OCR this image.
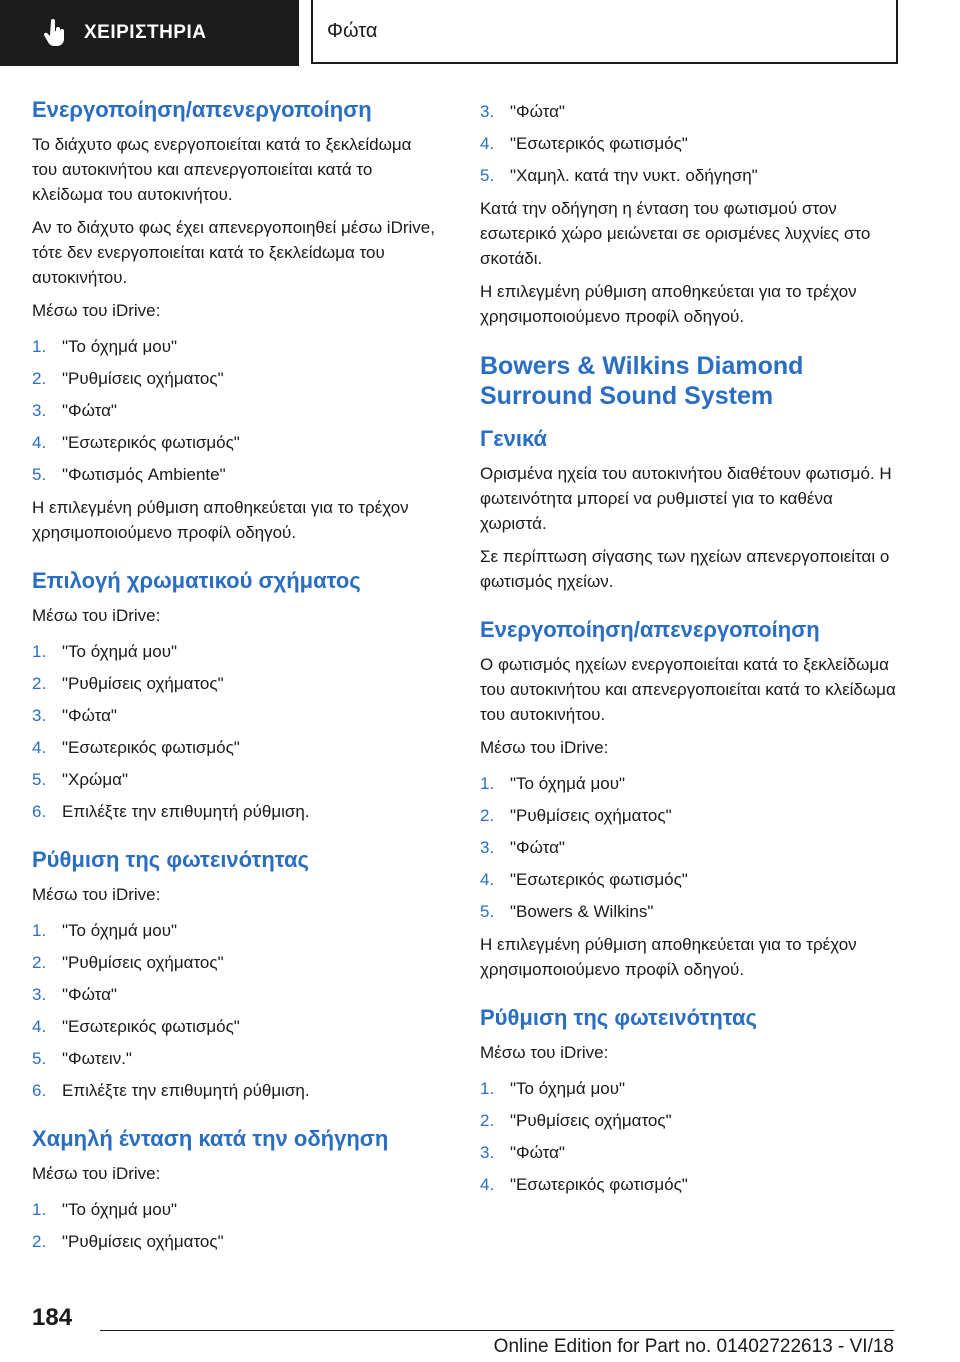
ΧΕΙΡΙΣΤΗΡΙΑ	Φώτα
Ενεργοποίηση/απενεργοποίηση

Το διάχυτο φως ενεργοποιείται κατά το ξεκλείdωμα του αυτοκινήτου και απενεργοποιείται κατά το κλείδωμα του αυτοκινήτου.

Αν το διάχυτο φως έχει απενεργοποιηθεί μέσω iDrive, τότε δεν ενεργοποιείται κατά το ξεκλείdωμα του αυτοκινήτου.

Μέσω του iDrive:

1. "Το όχημά μου"
2. "Ρυθμίσεις οχήματος"
3. "Φώτα"
4. "Εσωτερικός φωτισμός"
5. "Φωτισμός Ambiente"

Η επιλεγμένη ρύθμιση αποθηκεύεται για το τρέχον χρησιμοποιούμενο προφίλ οδηγού.

Επιλογή χρωματικού σχήματος

Μέσω του iDrive:

1. "Το όχημά μου"
2. "Ρυθμίσεις οχήματος"
3. "Φώτα"
4. "Εσωτερικός φωτισμός"
5. "Χρώμα"
6. Επιλέξτε την επιθυμητή ρύθμιση.
Ρύθμιση της φωτεινότητας

Μέσω του iDrive:

1. "Το όχημά μου"
2. "Ρυθμίσεις οχήματος"
3. "Φώτα"
4. "Εσωτερικός φωτισμός"
5. "Φωτειν."
6. Επιλέξτε την επιθυμητή ρύθμιση.
Χαμηλή ένταση κατά την οδήγηση

Μέσω του iDrive:

1. "Το όχημά μου"
2. "Ρυθμίσεις οχήματος"
3. "Φώτα"
4. "Εσωτερικός φωτισμός"
5. "Χαμηλ. κατά την νυκτ. οδήγηση"

Κατά την οδήγηση η ένταση του φωτισμού στον εσωτερικό χώρο μειώνεται σε ορισμένες λυχνίες στο σκοτάδι.

Η επιλεγμένη ρύθμιση αποθηκεύεται για το τρέχον χρησιμοποιούμενο προφίλ οδηγού.

Bowers & Wilkins Diamond Surround Sound System
Γενικά

Ορισμένα ηχεία του αυτοκινήτου διαθέτουν φωτισμό. Η φωτεινότητα μπορεί να ρυθμιστεί για το καθένα χωριστά.

Σε περίπτωση σίγασης των ηχείων απενεργοποιείται ο φωτισμός ηχείων.

Ενεργοποίηση/απενεργοποίηση

Ο φωτισμός ηχείων ενεργοποιείται κατά το ξεκλείδωμα του αυτοκινήτου και απενεργοποιείται κατά το κλείδωμα του αυτοκινήτου.

Μέσω του iDrive:

1. "Το όχημά μου"
2. "Ρυθμίσεις οχήματος"
3. "Φώτα"
4. "Εσωτερικός φωτισμός"
5. "Bowers & Wilkins"

Η επιλεγμένη ρύθμιση αποθηκεύεται για το τρέχον χρησιμοποιούμενο προφίλ οδηγού.

Ρύθμιση της φωτεινότητας

Μέσω του iDrive:

1. "Το όχημά μου"
2. "Ρυθμίσεις οχήματος"
3. "Φώτα"
4. "Εσωτερικός φωτισμός"
184
Online Edition for Part no. 01402722613 - VI/18
